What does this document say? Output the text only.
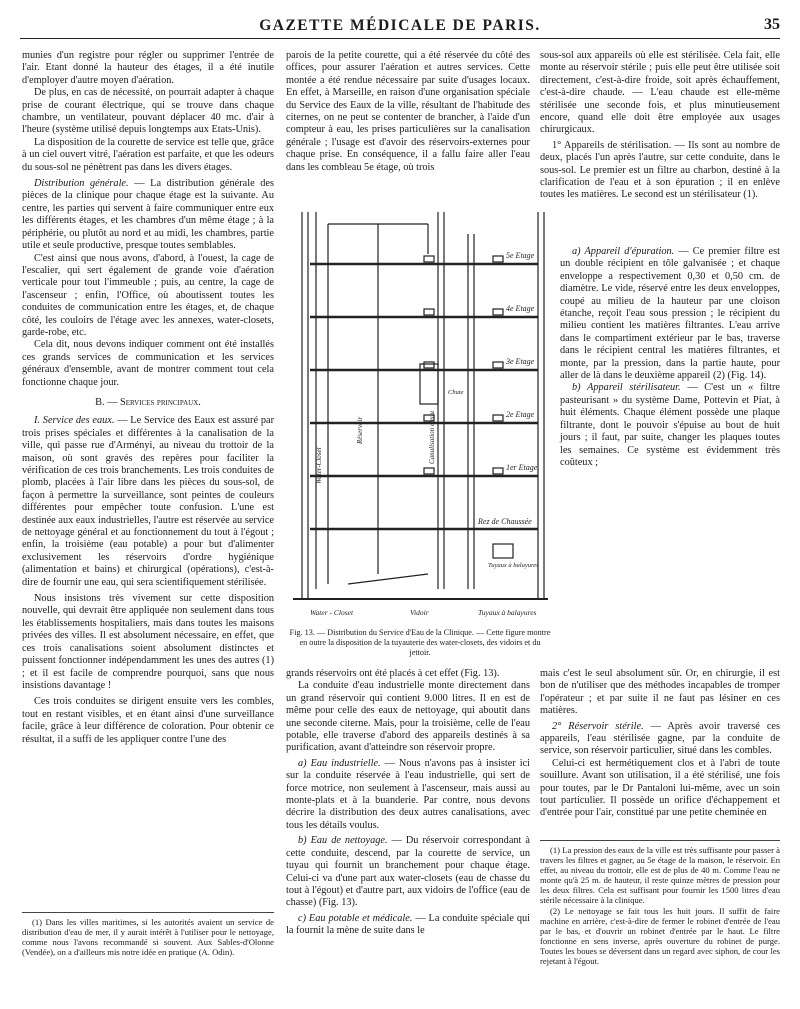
GAZETTE MÉDICALE DE PARIS.	35

munies d'un registre pour régler ou supprimer l'entrée de l'air. Etant donné la hauteur des étages, il a été inutile d'employer d'autre moyen d'aération.

De plus, en cas de nécessité, on pourrait adapter à chaque prise de courant électrique, qui se trouve dans chaque chambre, un ventilateur, pouvant déplacer 40 mc. d'air à l'heure (système utilisé depuis longtemps aux Etats-Unis).

La disposition de la courette de service est telle que, grâce à un ciel ouvert vitré, l'aération est parfaite, et que les odeurs du sous-sol ne pénètrent pas dans les divers étages.

Distribution générale. — La distribution générale des pièces de la clinique pour chaque étage est la suivante. Au centre, les parties qui servent à faire communiquer entre eux les différents étages, et les chambres d'un même étage ; à la périphérie, ou plutôt au nord et au midi, les chambres, partie utile et seule productive, presque toutes semblables.

C'est ainsi que nous avons, d'abord, à l'ouest, la cage de l'escalier, qui sert également de grande voie d'aération verticale pour tout l'immeuble ; puis, au centre, la cage de l'ascenseur ; enfin, l'Office, où aboutissent toutes les conduites de communication entre les étages, et, de chaque côté, les couloirs de l'étage avec les annexes, water-closets, garde-robe, etc.

Cela dit, nous devons indiquer comment ont été installés ces grands services de communication et les services généraux d'ensemble, avant de montrer comment tout cela fonctionne chaque jour.

B. — Services principaux.

I. Service des eaux. — Le Service des Eaux est assuré par trois prises spéciales et différentes à la canalisation de la ville, qui passe rue d'Arményi, au niveau du trottoir de la maison, où sont gravés des repères pour faciliter la vérification de ces trois branchements. Les trois conduites de plomb, placées à l'air libre dans les pièces du sous-sol, de façon à permettre la surveillance, sont peintes de couleurs différentes pour empêcher toute confusion. L'une est destinée aux eaux industrielles, l'autre est réservée au service de nettoyage général et au fonctionnement du tout à l'égout ; enfin, la troisième (eau potable) a pour but d'alimenter exclusivement les réservoirs d'ordre hygiénique (alimentation et bains) et chirurgical (opérations), c'est-à-dire de fournir une eau, qui sera scientifiquement stérilisée.

Nous insistons très vivement sur cette disposition nouvelle, qui devrait être appliquée non seulement dans tous les établissements hospitaliers, mais dans toutes les maisons privées des villes. Il est absolument nécessaire, en effet, que ces trois canalisations soient absolument distinctes et puissent fonctionner indépendamment les unes des autres (1) ; et il est facile de comprendre pourquoi, sans que nous insistions davantage !

Ces trois conduites se dirigent ensuite vers les combles, tout en restant visibles, et en étant ainsi d'une surveillance facile, grâce à leur différence de coloration. Pour obtenir ce résultat, il a suffi de les appliquer contre l'une des

(1) Dans les villes maritimes, si les autorités avaient un service de distribution d'eau de mer, il y aurait intérêt à l'utiliser pour le nettoyage, comme nous l'avons recommandé si souvent. Aux Sables-d'Olonne (Vendée), on a d'ailleurs mis notre idée en pratique (A. Odin).

parois de la petite courette, qui a été réservée du côté des offices, pour assurer l'aération et autres services. Cette montée a été rendue nécessaire par suite d'usages locaux. En effet, à Marseille, en raison d'une organisation spéciale du Service des Eaux de la ville, résultant de l'habitude des citernes, on ne peut se contenter de brancher, à l'aide d'un compteur à eau, les prises particulières sur la canalisation générale ; l'usage est d'avoir des réservoirs-externes pour chaque prise. En conséquence, il a fallu faire aller l'eau dans les combleau 5e étage, où trois

5e Etage
4e Etage
3e Etage
2e Etage
1er Etage
Rez de Chaussée
Tuyaux à balayures
Water - Closet	Vidoir	Tuyaux à balayures
Water-Closet
Réservoir	Canalisation d'eau
Chute
Fig. 13. — Distribution du Service d'Eau de la Clinique. — Cette figure montre en outre la disposition de la tuyauterie des water-closets, des vidoirs et du jettoir.

grands réservoirs ont été placés à cet effet (Fig. 13).

La conduite d'eau industrielle monte directement dans un grand réservoir qui contient 9.000 litres. Il en est de même pour celle des eaux de nettoyage, qui aboutit dans une seconde citerne. Mais, pour la troisième, celle de l'eau potable, elle traverse d'abord des appareils destinés à sa purification, avant d'atteindre son réservoir propre.

a) Eau industrielle. — Nous n'avons pas à insister ici sur la conduite réservée à l'eau industrielle, qui sert de force motrice, non seulement à l'ascenseur, mais aussi au monte-plats et à la buanderie. Par contre, nous devons décrire la distribution des deux autres canalisations, avec tous les détails voulus.

b) Eau de nettoyage. — Du réservoir correspondant à cette conduite, descend, par la courette de service, un tuyau qui fournit un branchement pour chaque étage. Celui-ci va d'une part aux water-closets (eau de chasse du tout à l'égout) et d'autre part, aux vidoirs de l'office (eau de chasse) (Fig. 13).

c) Eau potable et médicale. — La conduite spéciale qui la fournit la mène de suite dans le

sous-sol aux appareils où elle est stérilisée. Cela fait, elle monte au réservoir stérile ; puis elle peut être utilisée soit directement, c'est-à-dire froide, soit après échauffement, c'est-à-dire chaude. — L'eau chaude est elle-même stérilisée une seconde fois, et plus minutieusement encore, quand elle doit être employée aux usages chirurgicaux.

1° Appareils de stérilisation. — Ils sont au nombre de deux, placés l'un après l'autre, sur cette conduite, dans le sous-sol. Le premier est un filtre au charbon, destiné à la clarification de l'eau et à son épuration ; il en enlève toutes les matières. Le second est un stérilisateur (1).

a) Appareil d'épuration. — Ce premier filtre est un double récipient en tôle galvanisée ; et chaque enveloppe a respectivement 0,30 et 0,50 cm. de diamètre. Le vide, réservé entre les deux enveloppes, coupé au milieu de la hauteur par une cloison étanche, reçoit l'eau sous pression ; le récipient du milieu contient les matières filtrantes. L'eau arrive dans le compartiment extérieur par le bas, traverse dans le récipient central les matières filtrantes, et monte, par la pression, dans la partie haute, pour aller de là dans le deuxième appareil (2) (Fig. 14).

b) Appareil stérilisateur. — C'est un « filtre pasteurisant » du système Dame, Pottevin et Piat, à huit éléments. Chaque élément possède une plaque filtrante, dont le pouvoir s'épuise au bout de huit jours ; il faut, par suite, changer les plaques toutes les semaines. Ce système est évidemment très coûteux ;

mais c'est le seul absolument sûr. Or, en chirurgie, il est bon de n'utiliser que des méthodes incapables de tromper l'opérateur ; et par suite il ne faut pas lésiner en ces matières.

2° Réservoir stérile. — Après avoir traversé ces appareils, l'eau stérilisée gagne, par la conduite de service, son réservoir particulier, situé dans les combles.

Celui-ci est hermétiquement clos et à l'abri de toute souillure. Avant son utilisation, il a été stérilisé, une fois pour toutes, par le Dr Pantaloni lui-même, avec un soin tout particulier. Il possède un orifice d'échappement et d'entrée pour l'air, constitué par une petite cheminée en

(1) La pression des eaux de la ville est très suffisante pour passer à travers les filtres et gagner, au 5e étage de la maison, le réservoir. En effet, au niveau du trottoir, elle est de plus de 40 m. Comme l'eau ne monte qu'à 25 m. de hauteur, il reste quinze mètres de pression pour les deux filtres. Cela est suffisant pour fournir les 1500 litres d'eau stérile nécessaire à la clinique.

(2) Le nettoyage se fait tous les huit jours. Il suffit de faire machine en arrière, c'est-à-dire de fermer le robinet d'entrée de l'eau par le bas, et d'ouvrir un robinet d'entrée par le haut. Le filtre fonctionne en sens inverse, après ouverture du robinet de purge. Toutes les boues se déversent dans un regard avec siphon, de cour les rejetant à l'égout.
